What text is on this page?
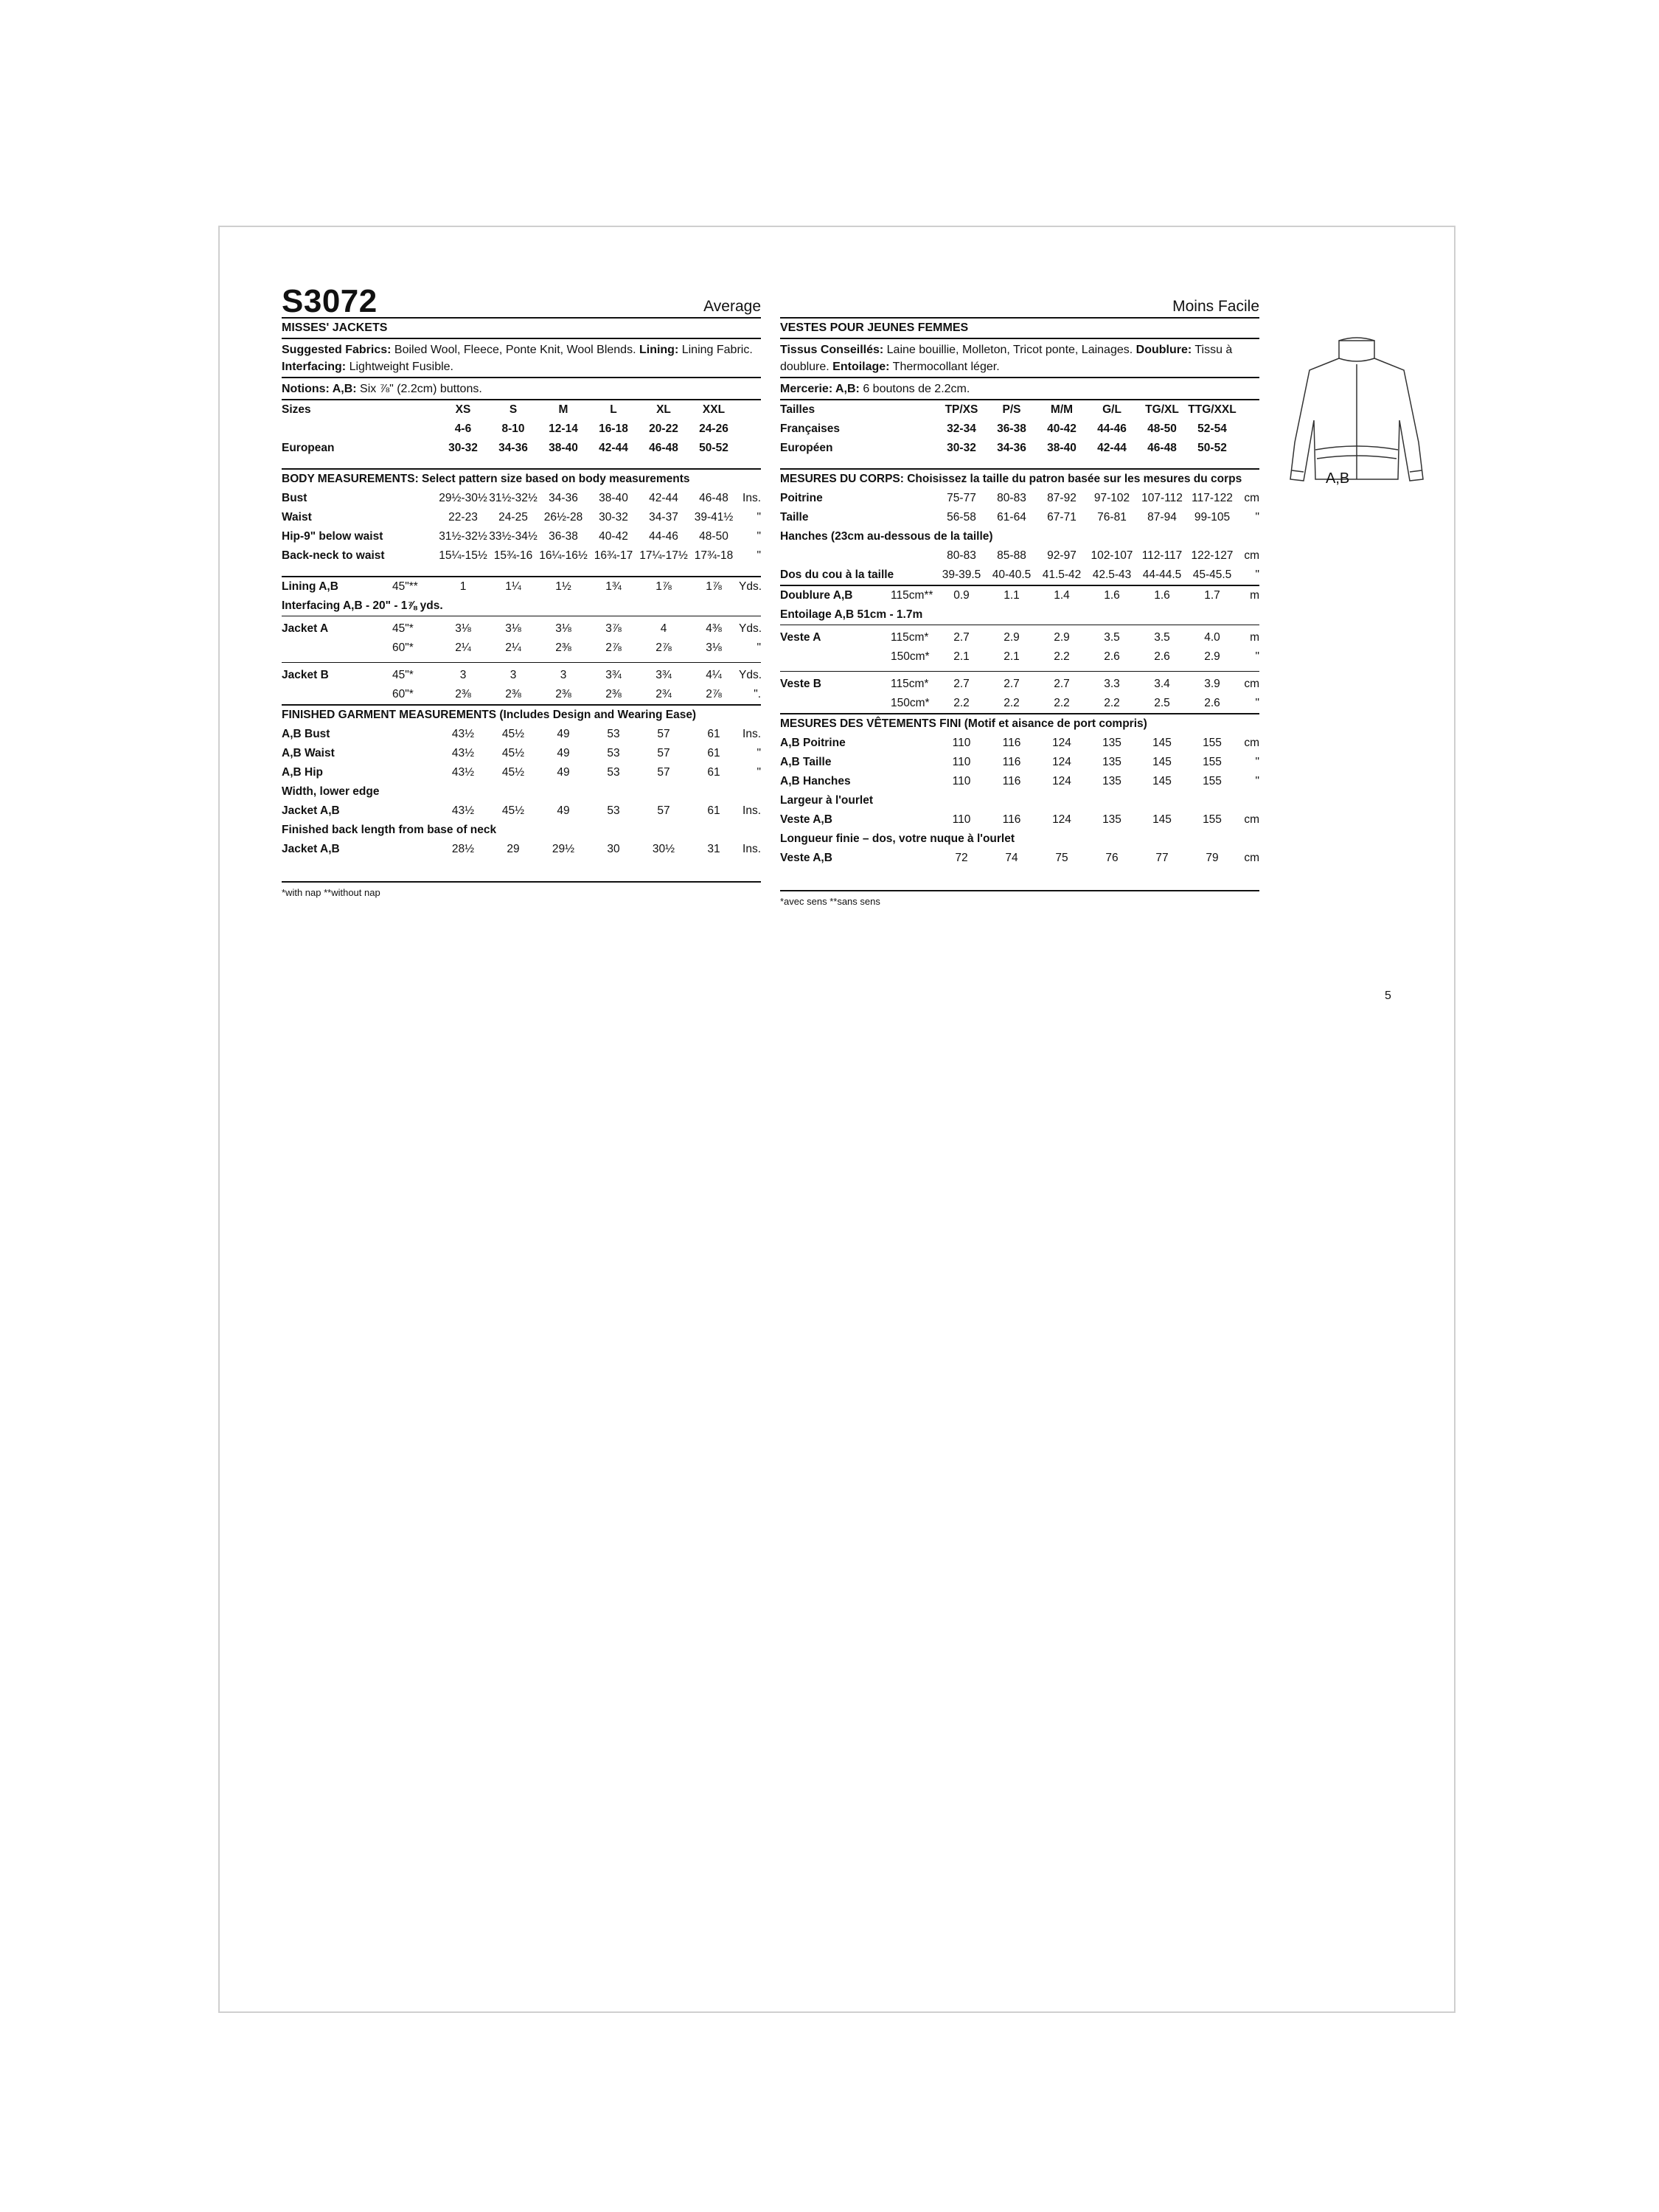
S3072	Average
MISSES' JACKETS
Suggested Fabrics: Boiled Wool, Fleece, Ponte Knit, Wool Blends. Lining: Lining Fabric.
Interfacing: Lightweight Fusible.
Notions: A,B: Six ⅞" (2.2cm) buttons.
Sizes		XS	S	M	L	XL	XXL	
		4-6	8-10	12-14	16-18	20-22	24-26	
European		30-32	34-36	38-40	42-44	46-48	50-52	
BODY MEASUREMENTS: Select pattern size based on body measurements
Bust		29½-30½	31½-32½	34-36	38-40	42-44	46-48	Ins.
Waist		22-23	24-25	26½-28	30-32	34-37	39-41½	"
Hip-9" below waist		31½-32½	33½-34½	36-38	40-42	44-46	48-50	"
Back-neck to waist		15¼-15½	15¾-16	16¼-16½	16¾-17	17¼-17½	17¾-18	"
Lining A,B	45"**	1	1¼	1½	1¾	1⅞	1⅞	Yds.
Interfacing A,B - 20" - 1⅞ yds.								

Jacket A	45"*	3⅛	3⅛	3⅛	3⅞	4	4⅜	Yds.
	60"*	2¼	2¼	2⅜	2⅞	2⅞	3⅛	"

Jacket B	45"*	3	3	3	3¾	3¾	4¼	Yds.
	60"*	2⅜	2⅜	2⅜	2⅜	2¾	2⅞	".
FINISHED GARMENT MEASUREMENTS (Includes Design and Wearing Ease)
A,B Bust		43½	45½	49	53	57	61	Ins.
A,B Waist		43½	45½	49	53	57	61	"
A,B Hip		43½	45½	49	53	57	61	"
Width, lower edge								
Jacket A,B		43½	45½	49	53	57	61	Ins.
Finished back length from base of neck								
Jacket A,B		28½	29	29½	30	30½	31	Ins.
*with nap **without nap
Moins Facile
VESTES POUR JEUNES FEMMES
Tissus Conseillés: Laine bouillie, Molleton, Tricot ponte, Lainages. Doublure: Tissu à doublure. Entoilage: Thermocollant léger.
Mercerie: A,B: 6 boutons de 2.2cm.
Tailles		TP/XS	P/S	M/M	G/L	TG/XL	TTG/XXL	
Françaises		32-34	36-38	40-42	44-46	48-50	52-54	
Européen		30-32	34-36	38-40	42-44	46-48	50-52	
MESURES DU CORPS: Choisissez la taille du patron basée sur les mesures du corps
Poitrine		75-77	80-83	87-92	97-102	107-112	117-122	cm
Taille		56-58	61-64	67-71	76-81	87-94	99-105	"
Hanches (23cm au-dessous de la taille)								
		80-83	85-88	92-97	102-107	112-117	122-127	cm
Dos du cou à la taille		39-39.5	40-40.5	41.5-42	42.5-43	44-44.5	45-45.5	"
Doublure A,B	115cm**	0.9	1.1	1.4	1.6	1.6	1.7	m
Entoilage A,B 51cm - 1.7m								

Veste A	115cm*	2.7	2.9	2.9	3.5	3.5	4.0	m
	150cm*	2.1	2.1	2.2	2.6	2.6	2.9	"

Veste B	115cm*	2.7	2.7	2.7	3.3	3.4	3.9	cm
	150cm*	2.2	2.2	2.2	2.2	2.5	2.6	"
MESURES DES VÊTEMENTS FINI (Motif et aisance de port compris)
A,B Poitrine		110	116	124	135	145	155	cm
A,B Taille		110	116	124	135	145	155	"
A,B Hanches		110	116	124	135	145	155	"
Largeur à l'ourlet								
Veste A,B		110	116	124	135	145	155	cm
Longueur finie – dos, votre nuque à l'ourlet								
Veste A,B		72	74	75	76	77	79	cm
*avec sens **sans sens
A,B
5
